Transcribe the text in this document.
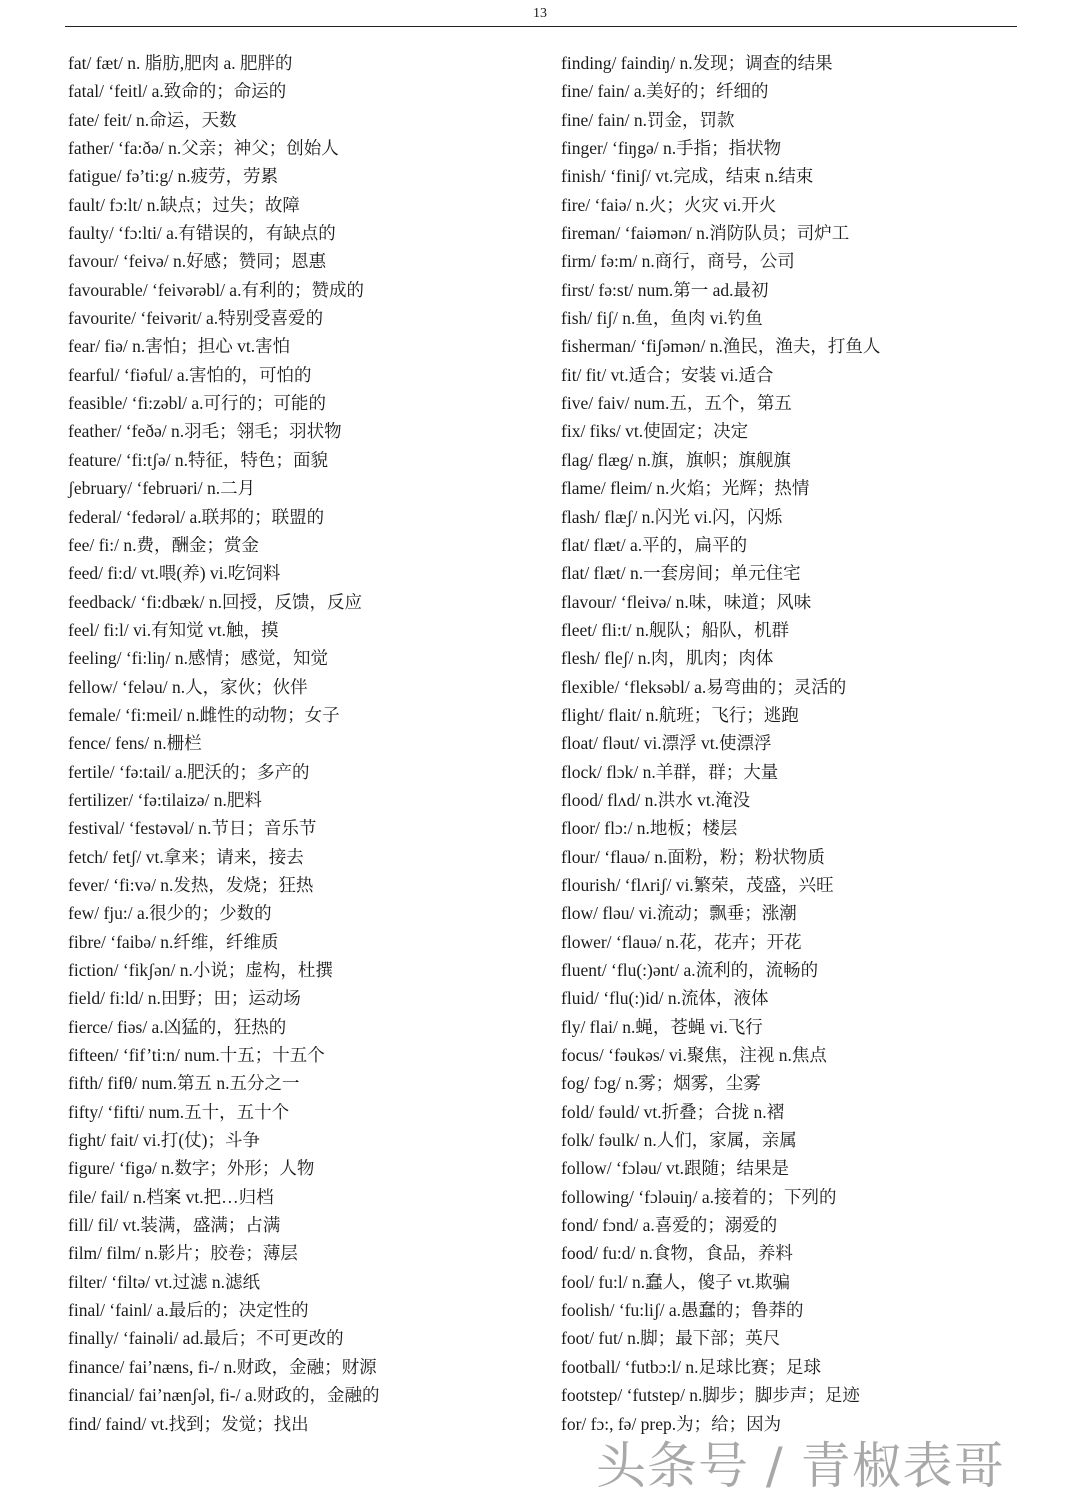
13
fat/ fæt/ n. 脂肪,肥肉 a. 肥胖的
fatal/ ‘feitl/ a.致命的；命运的
fate/ feit/ n.命运，天数
father/ ‘fa:ðə/ n.父亲；神父；创始人
fatigue/ fə’ti:g/ n.疲劳，劳累
fault/ fɔ:lt/ n.缺点；过失；故障
faulty/ ‘fɔ:lti/ a.有错误的，有缺点的
favour/ ‘feivə/ n.好感；赞同；恩惠
favourable/ ‘feivərəbl/ a.有利的；赞成的
favourite/ ‘feivərit/ a.特别受喜爱的
fear/ fiə/ n.害怕；担心 vt.害怕
fearful/ ‘fiəful/ a.害怕的，可怕的
feasible/ ‘fi:zəbl/ a.可行的；可能的
feather/ ‘feðə/ n.羽毛；翎毛；羽状物
feature/ ‘fi:tʃə/ n.特征，特色；面貌
ʃebruary/ ‘februəri/ n.二月
federal/ ‘fedərəl/ a.联邦的；联盟的
fee/ fi:/ n.费，酬金；赏金
feed/ fi:d/ vt.喂(养) vi.吃饲料
feedback/ ‘fi:dbæk/ n.回授，反馈，反应
feel/ fi:l/ vi.有知觉 vt.触，摸
feeling/ ‘fi:liŋ/ n.感情；感觉，知觉
fellow/ ‘feləu/ n.人，家伙；伙伴
female/ ‘fi:meil/ n.雌性的动物；女子
fence/ fens/ n.栅栏
fertile/ ‘fə:tail/ a.肥沃的；多产的
fertilizer/ ‘fə:tilaizə/ n.肥料
festival/ ‘festəvəl/ n.节日；音乐节
fetch/ fetʃ/ vt.拿来；请来，接去
fever/ ‘fi:və/ n.发热，发烧；狂热
few/ fju:/ a.很少的；少数的
fibre/ ‘faibə/ n.纤维，纤维质
fiction/ ‘fikʃən/ n.小说；虚构，杜撰
field/ fi:ld/ n.田野；田；运动场
fierce/ fiəs/ a.凶猛的，狂热的
fifteen/ ‘fif’ti:n/ num.十五；十五个
fifth/ fifθ/ num.第五 n.五分之一
fifty/ ‘fifti/ num.五十，五十个
fight/ fait/ vi.打(仗)；斗争
figure/ ‘figə/ n.数字；外形；人物
file/ fail/ n.档案 vt.把…归档
fill/ fil/ vt.装满，盛满；占满
film/ film/ n.影片；胶卷；薄层
filter/ ‘filtə/ vt.过滤 n.滤纸
final/ ‘fainl/ a.最后的；决定性的
finally/ ‘fainəli/ ad.最后；不可更改的
finance/ fai’næns, fi-/ n.财政，金融；财源
financial/ fai’nænʃəl, fi-/ a.财政的，金融的
find/ faind/ vt.找到；发觉；找出
finding/ faindiŋ/ n.发现；调查的结果
fine/ fain/ a.美好的；纤细的
fine/ fain/ n.罚金，罚款
finger/ ‘fiŋgə/ n.手指；指状物
finish/ ‘finiʃ/ vt.完成，结束 n.结束
fire/ ‘faiə/ n.火；火灾 vi.开火
fireman/ ‘faiəmən/ n.消防队员；司炉工
firm/ fə:m/ n.商行，商号，公司
first/ fə:st/ num.第一 ad.最初
fish/ fiʃ/ n.鱼，鱼肉 vi.钓鱼
fisherman/ ‘fiʃəmən/ n.渔民，渔夫，打鱼人
fit/ fit/ vt.适合；安装 vi.适合
five/ faiv/ num.五，五个，第五
fix/ fiks/ vt.使固定；决定
flag/ flæg/ n.旗，旗帜；旗舰旗
flame/ fleim/ n.火焰；光辉；热情
flash/ flæʃ/ n.闪光 vi.闪，闪烁
flat/ flæt/ a.平的，扁平的
flat/ flæt/ n.一套房间；单元住宅
flavour/ ‘fleivə/ n.味，味道；风味
fleet/ fli:t/ n.舰队；船队，机群
flesh/ fleʃ/ n.肉，肌肉；肉体
flexible/ ‘fleksəbl/ a.易弯曲的；灵活的
flight/ flait/ n.航班；飞行；逃跑
float/ fləut/ vi.漂浮 vt.使漂浮
flock/ flɔk/ n.羊群，群；大量
flood/ flʌd/ n.洪水 vt.淹没
floor/ flɔ:/ n.地板；楼层
flour/ ‘flauə/ n.面粉，粉；粉状物质
flourish/ ‘flʌriʃ/ vi.繁荣，茂盛，兴旺
flow/ fləu/ vi.流动；飘垂；涨潮
flower/ ‘flauə/ n.花，花卉；开花
fluent/ ‘flu(:)ənt/ a.流利的，流畅的
fluid/ ‘flu(:)id/ n.流体，液体
fly/ flai/ n.蝇，苍蝇 vi.飞行
focus/ ‘fəukəs/ vi.聚焦，注视 n.焦点
fog/ fɔg/ n.雾；烟雾，尘雾
fold/ fəuld/ vt.折叠；合拢 n.褶
folk/ fəulk/ n.人们，家属，亲属
follow/ ‘fɔləu/ vt.跟随；结果是
following/ ‘fɔləuiŋ/ a.接着的；下列的
fond/ fɔnd/ a.喜爱的；溺爱的
food/ fu:d/ n.食物，食品，养料
fool/ fu:l/ n.蠢人，傻子 vt.欺骗
foolish/ ‘fu:liʃ/ a.愚蠢的；鲁莽的
foot/ fut/ n.脚；最下部；英尺
football/ ‘futbɔ:l/ n.足球比赛；足球
footstep/ ‘futstep/ n.脚步；脚步声；足迹
for/ fɔ:, fə/ prep.为；给；因为
头条号 / 青椒表哥
